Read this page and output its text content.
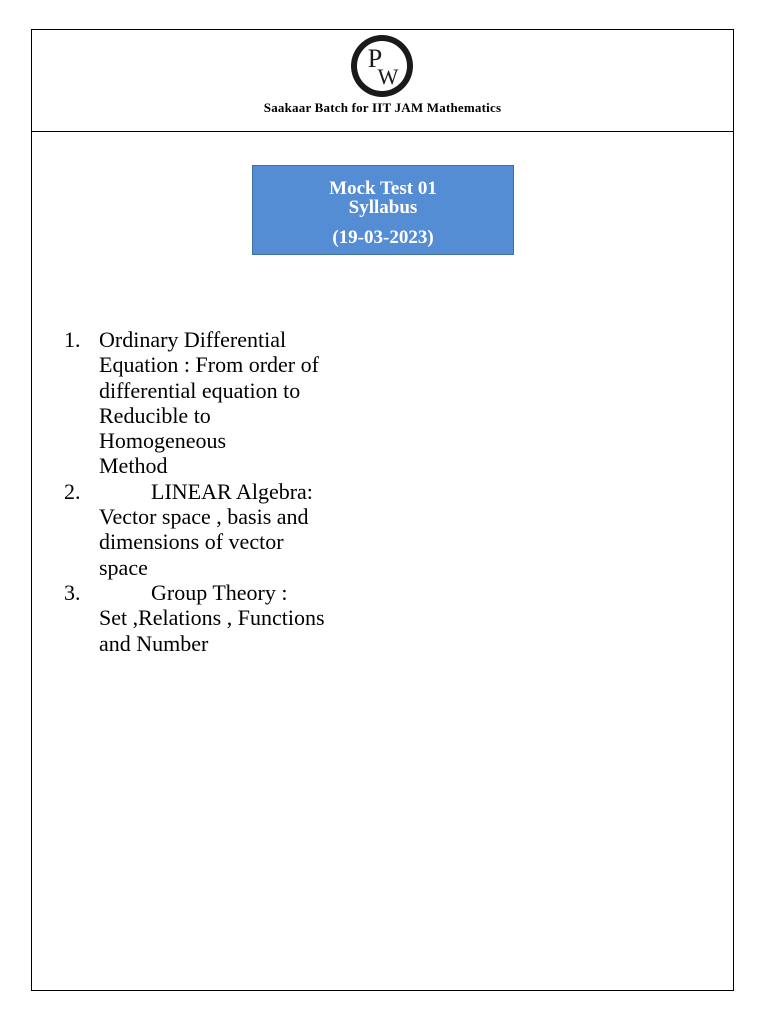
P
W
Saakaar Batch for IIT JAM Mathematics
Mock Test 01
Syllabus
(19-03-2023)
1. Ordinary Differential
Equation : From order of
differential equation to
Reducible to
Homogeneous
Method
2.	LINEAR Algebra:
Vector space , basis and
dimensions of vector
space
3.	Group Theory :
Set ,Relations , Functions
and Number
